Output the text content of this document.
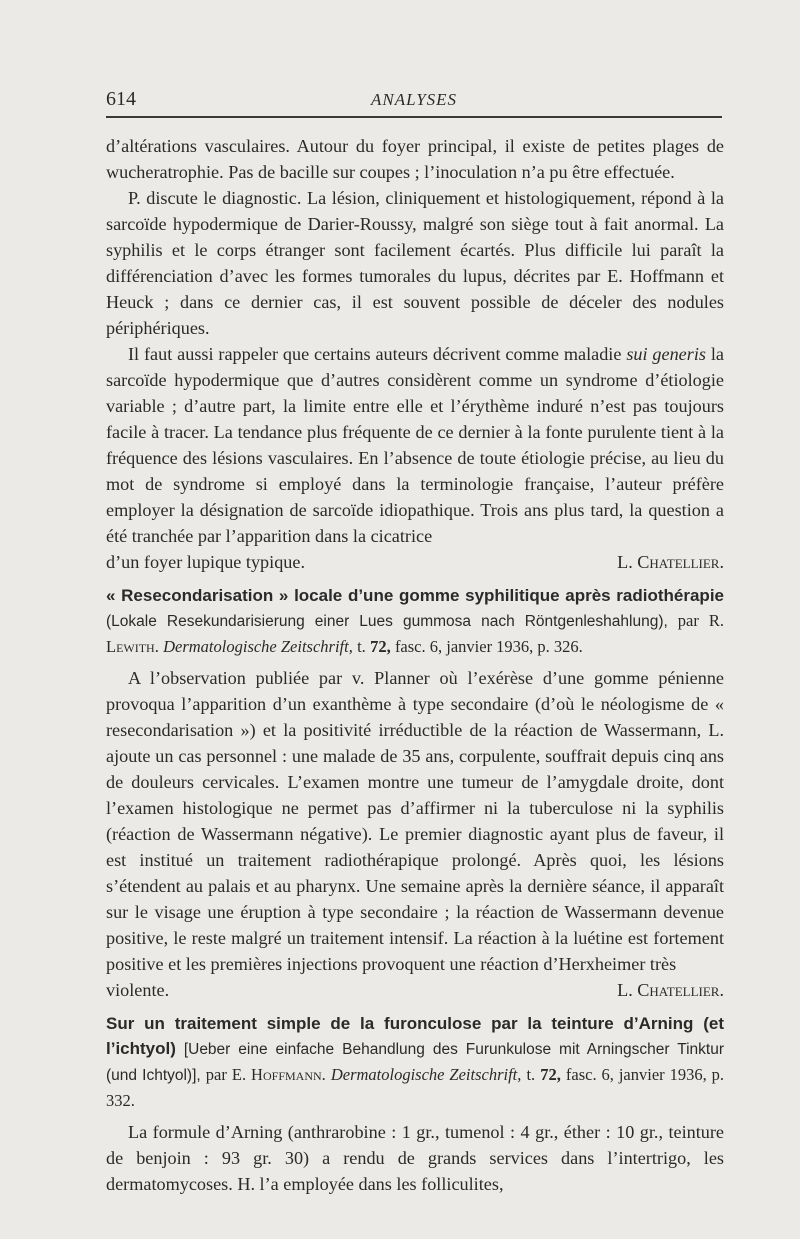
614	ANALYSES

d’altérations vasculaires. Autour du foyer principal, il existe de petites plages de wucheratrophie. Pas de bacille sur coupes ; l’inoculation n’a pu être effectuée.

P. discute le diagnostic. La lésion, cliniquement et histologiquement, répond à la sarcoïde hypodermique de Darier-Roussy, malgré son siège tout à fait anormal. La syphilis et le corps étranger sont facilement écartés. Plus difficile lui paraît la différenciation d’avec les formes tumorales du lupus, décrites par E. Hoffmann et Heuck ; dans ce dernier cas, il est souvent possible de déceler des nodules périphériques.

Il faut aussi rappeler que certains auteurs décrivent comme maladie sui generis la sarcoïde hypodermique que d’autres considèrent comme un syndrome d’étiologie variable ; d’autre part, la limite entre elle et l’érythème induré n’est pas toujours facile à tracer. La tendance plus fréquente de ce dernier à la fonte purulente tient à la fréquence des lésions vasculaires. En l’absence de toute étiologie précise, au lieu du mot de syndrome si employé dans la terminologie française, l’auteur préfère employer la désignation de sarcoïde idiopathique. Trois ans plus tard, la question a été tranchée par l’apparition dans la cicatrice

d’un foyer lupique typique.	L. Chatellier.

« Resecondarisation » locale d’une gomme syphilitique après radiothérapie (Lokale Resekundarisierung einer Lues gummosa nach Röntgenleshahlung), par R. Lewith. Dermatologische Zeitschrift, t. 72, fasc. 6, janvier 1936, p. 326.

A l’observation publiée par v. Planner où l’exérèse d’une gomme pénienne provoqua l’apparition d’un exanthème à type secondaire (d’où le néologisme de « resecondarisation ») et la positivité irréductible de la réaction de Wassermann, L. ajoute un cas personnel : une malade de 35 ans, corpulente, souffrait depuis cinq ans de douleurs cervicales. L’examen montre une tumeur de l’amygdale droite, dont l’examen histologique ne permet pas d’affirmer ni la tuberculose ni la syphilis (réaction de Wassermann négative). Le premier diagnostic ayant plus de faveur, il est institué un traitement radiothérapique prolongé. Après quoi, les lésions s’étendent au palais et au pharynx. Une semaine après la dernière séance, il apparaît sur le visage une éruption à type secondaire ; la réaction de Wassermann devenue positive, le reste malgré un traitement intensif. La réaction à la luétine est fortement positive et les premières injections provoquent une réaction d’Herxheimer très

violente.	L. Chatellier.

Sur un traitement simple de la furonculose par la teinture d’Arning (et l’ichtyol) [Ueber eine einfache Behandlung des Furunkulose mit Arningscher Tinktur (und Ichtyol)], par E. Hoffmann. Dermatologische Zeitschrift, t. 72, fasc. 6, janvier 1936, p. 332.

La formule d’Arning (anthrarobine : 1 gr., tumenol : 4 gr., éther : 10 gr., teinture de benjoin : 93 gr. 30) a rendu de grands services dans l’intertrigo, les dermatomycoses. H. l’a employée dans les folliculites,
